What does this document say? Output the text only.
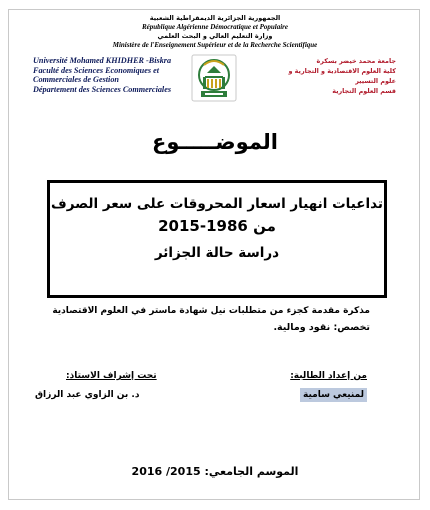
الجمهورية الجزائرية الديمقراطية الشعبية
République Algérienne Démocratique et Populaire
وزارة التعليم العالي و البحث العلمي
Ministère de l'Enseignement Supérieur et de la Recherche Scientifique
Université Mohamed KHIDHER -Biskra
Faculté des Sciences Economiques et
Commerciales de Gestion
Département des Sciences Commerciales
جامعة محمد خيضر بسكرة
كلية العلوم الاقتصادية و التجارية و علوم التسيير
قسم العلوم التجارية
الموضـــــوع
تداعيات انهيار اسعار المحروقات على سعر الصرف
من 1986-2015
دراسة حالة الجزائر
مذكرة مقدمة كجزء من متطلبات نيل شهادة ماستر في العلوم الاقتصادية
تخصص: نقود ومالية.
تحت إشراف الاستاذ:	من إعداد الطالبة:
د. بن الزاوي عبد الرزاق	لمنيعي سامية
الموسم الجامعي: 2015/ 2016
